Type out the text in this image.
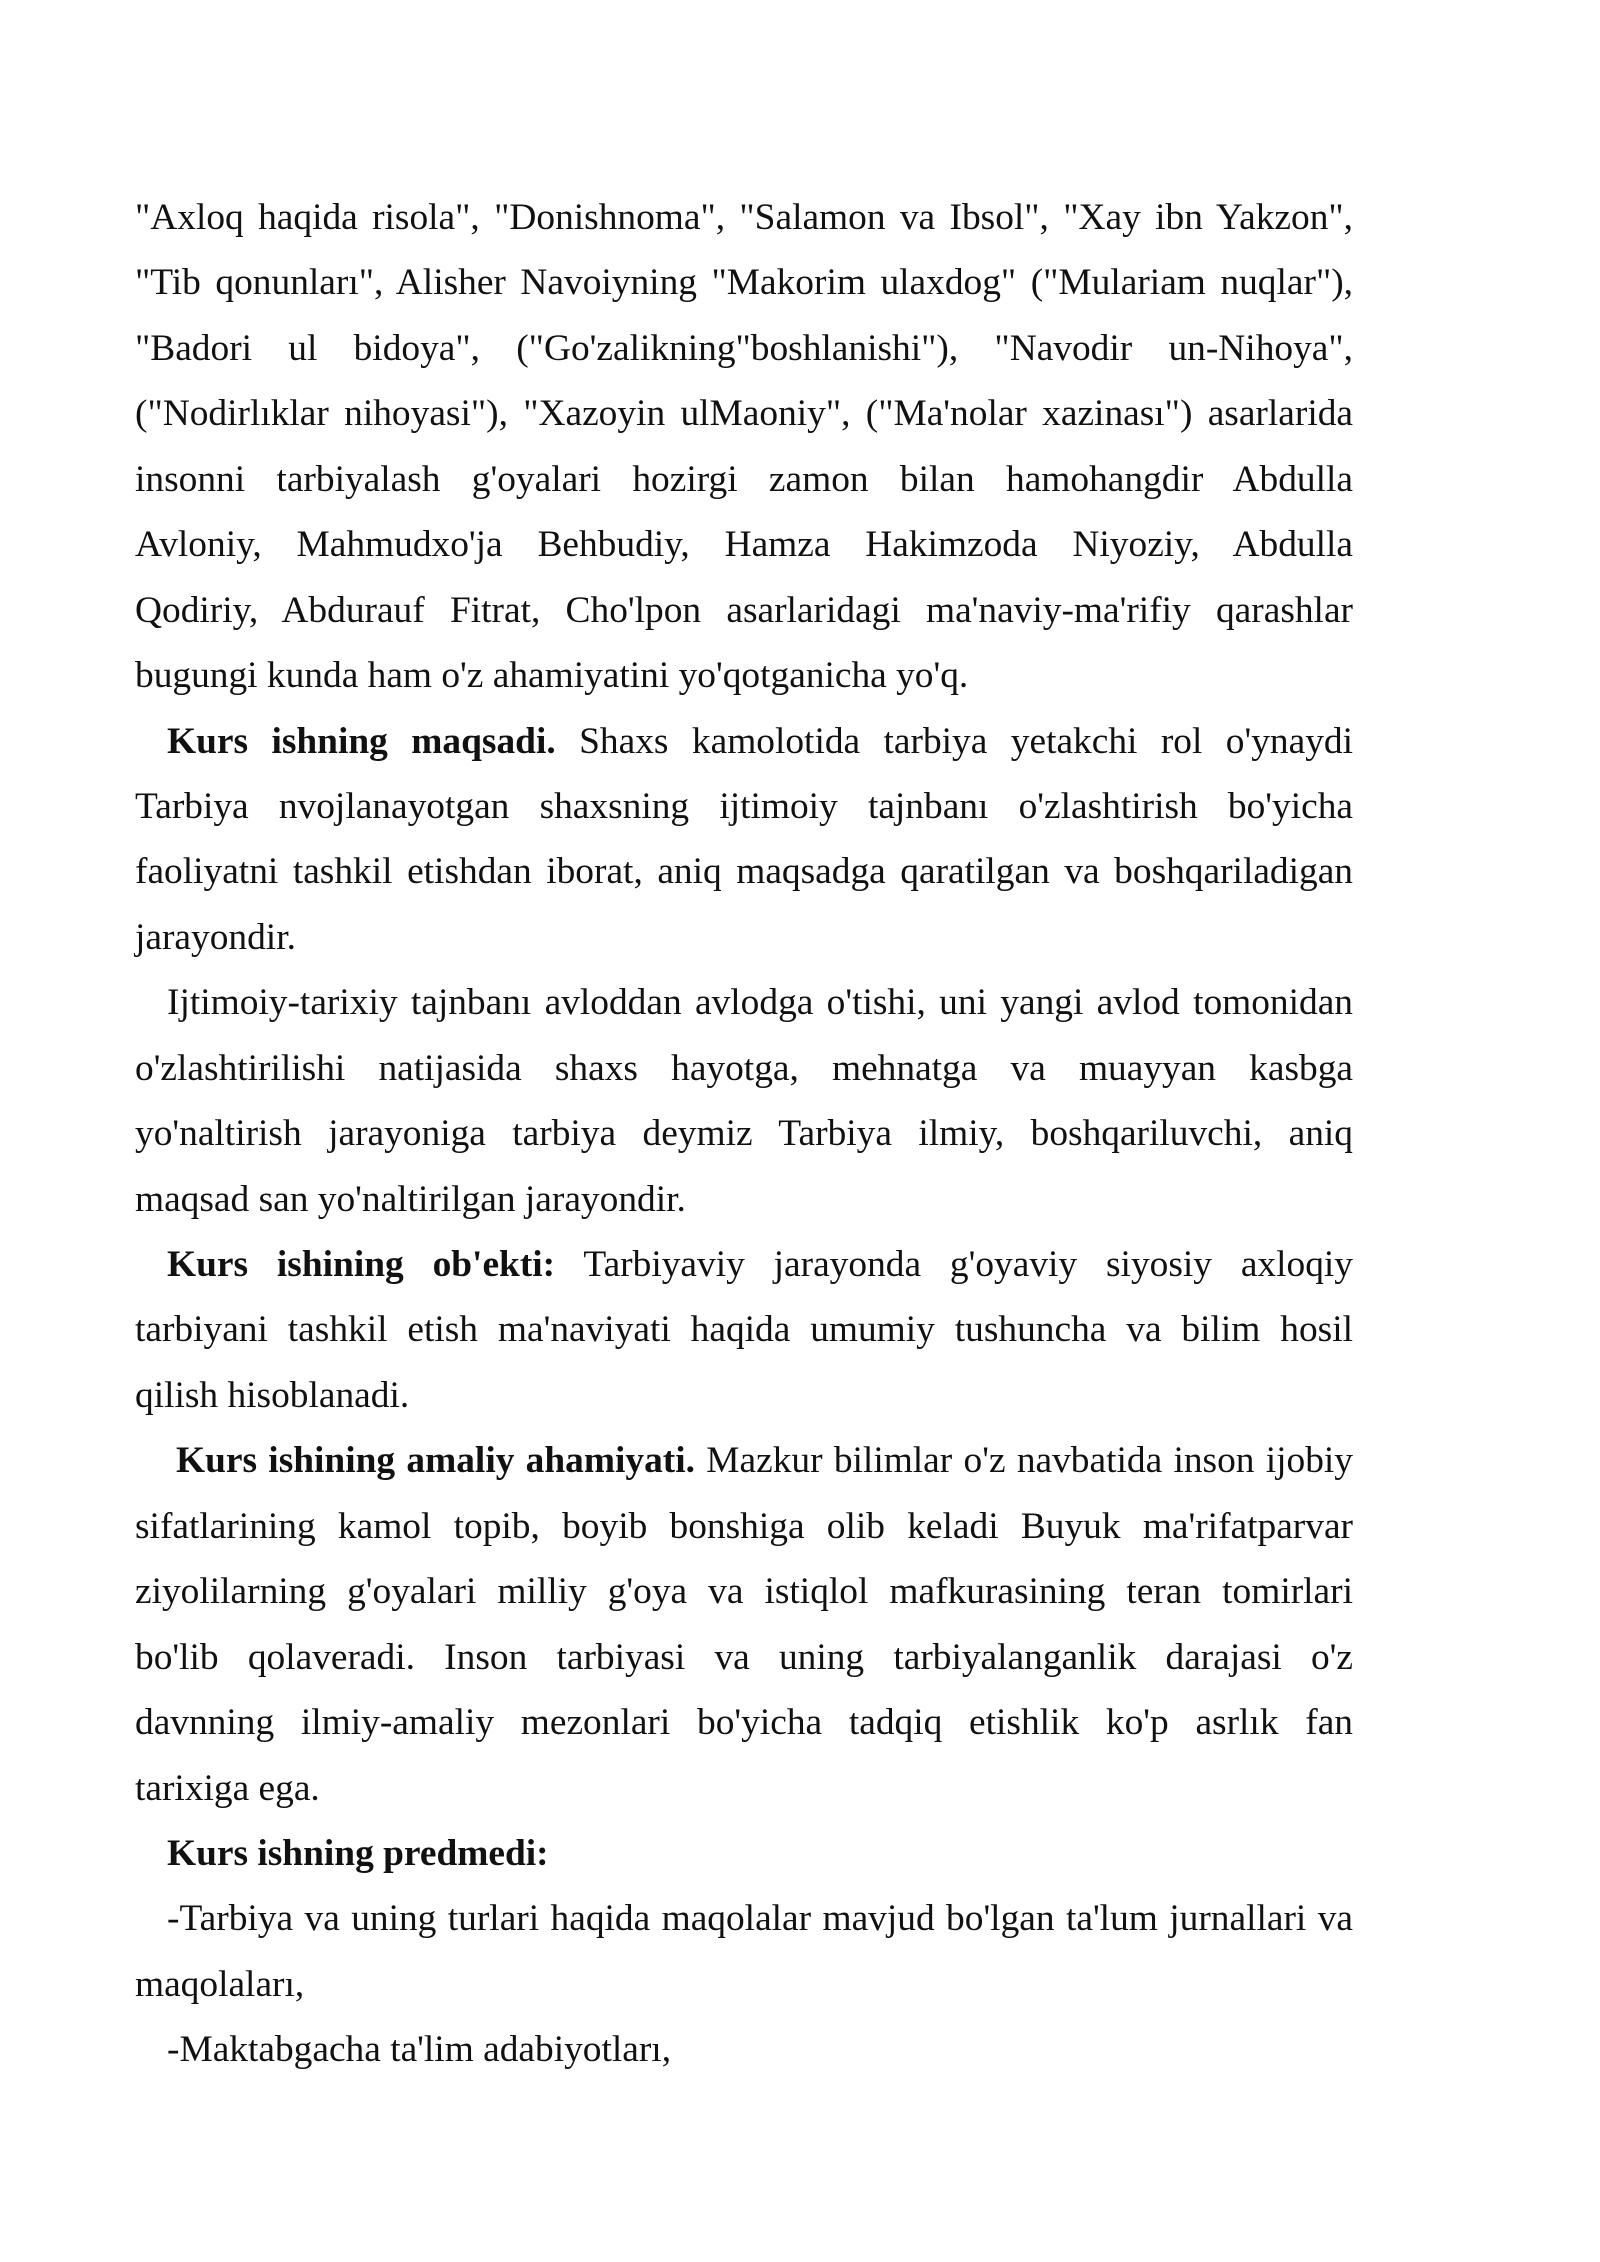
"Axloq haqida risola", "Donishnoma", "Salamon va Ibsol", "Xay ibn Yakzon",
"Tib qonunları", Alisher Navoiyning "Makorim ulaxdog" ("Mulariam nuqlar"),
"Badori ul bidoya", ("Go'zalikning"boshlanishi"), "Navodir un-Nihoya",
("Nodirlıklar nihoyasi"), "Xazoyin ulMaoniy", ("Ma'nolar xazinası") asarlarida
insonni tarbiyalash g'oyalari hozirgi zamon bilan hamohangdir Abdulla
Avloniy, Mahmudxo'ja Behbudiy, Hamza Hakimzoda Niyoziy, Abdulla
Qodiriy, Abdurauf Fitrat, Cho'lpon asarlaridagi ma'naviy-ma'rifiy qarashlar
bugungi kunda ham o'z ahamiyatini yo'qotganicha yo'q.
Kurs ishning maqsadi. Shaxs kamolotida tarbiya yetakchi rol o'ynaydi
Tarbiya nvojlanayotgan shaxsning ijtimoiy tajnbanı o'zlashtirish bo'yicha
faoliyatni tashkil etishdan iborat, aniq maqsadga qaratilgan va boshqariladigan
jarayondir.
Ijtimoiy-tarixiy tajnbanı avloddan avlodga o'tishi, uni yangi avlod tomonidan
o'zlashtirilishi natijasida shaxs hayotga, mehnatga va muayyan kasbga
yo'naltirish jarayoniga tarbiya deymiz Tarbiya ilmiy, boshqariluvchi, aniq
maqsad san yo'naltirilgan jarayondir.
Kurs ishining ob'ekti: Tarbiyaviy jarayonda g'oyaviy siyosiy axloqiy
tarbiyani tashkil etish ma'naviyati haqida umumiy tushuncha va bilim hosil
qilish hisoblanadi.
Kurs ishining amaliy ahamiyati. Mazkur bilimlar o'z navbatida inson ijobiy
sifatlarining kamol topib, boyib bonshiga olib keladi Buyuk ma'rifatparvar
ziyolilarning g'oyalari milliy g'oya va istiqlol mafkurasining teran tomirlari
bo'lib qolaveradi. Inson tarbiyasi va uning tarbiyalanganlik darajasi o'z
davnning ilmiy-amaliy mezonlari bo'yicha tadqiq etishlik ko'p asrlık fan
tarixiga ega.
Kurs ishning predmedi:
-Tarbiya va uning turlari haqida maqolalar mavjud bo'lgan ta'lum jurnallari va
maqolaları,
-Maktabgacha ta'lim adabiyotları,
